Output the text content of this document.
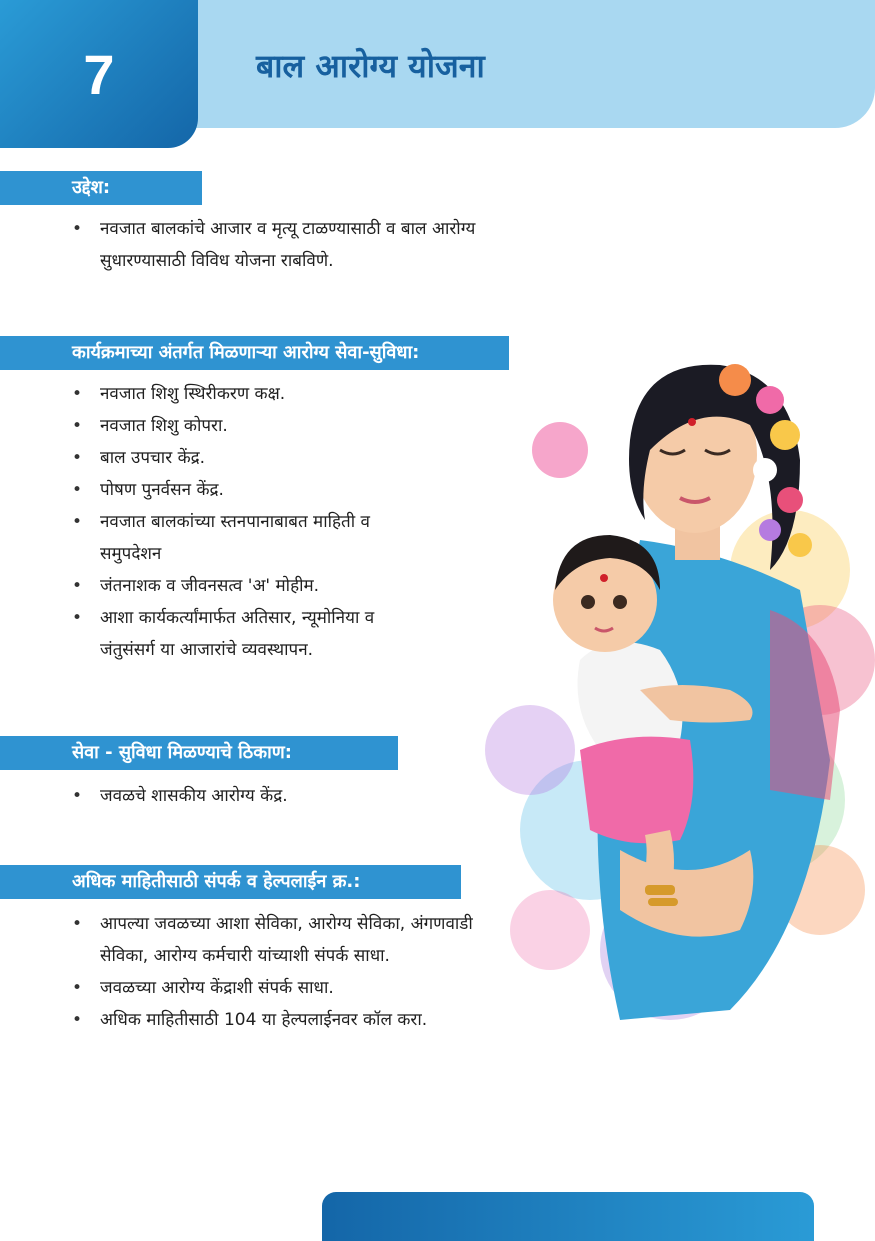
7	बाल आरोग्य योजना
उद्देश:
• नवजात बालकांचे आजार व मृत्यू टाळण्यासाठी व बाल आरोग्य
सुधारण्यासाठी विविध योजना राबविणे.
कार्यक्रमाच्या अंतर्गत मिळणाऱ्या आरोग्य सेवा-सुविधा:
• नवजात शिशु स्थिरीकरण कक्ष.
• नवजात शिशु कोपरा.
• बाल उपचार केंद्र.
• पोषण पुनर्वसन केंद्र.
• नवजात बालकांच्या स्तनपानाबाबत माहिती व
समुपदेशन
• जंतनाशक व जीवनसत्व 'अ' मोहीम.
• आशा कार्यकर्त्यांमार्फत अतिसार, न्यूमोनिया व
जंतुसंसर्ग या आजारांचे व्यवस्थापन.
सेवा - सुविधा मिळण्याचे ठिकाण:
• जवळचे शासकीय आरोग्य केंद्र.
अधिक माहितीसाठी संपर्क व हेल्पलाईन क्र.:
• आपल्या जवळच्या आशा सेविका, आरोग्य सेविका, अंगणवाडी
सेविका, आरोग्य कर्मचारी यांच्याशी संपर्क साधा.
• जवळच्या आरोग्य केंद्राशी संपर्क साधा.
• अधिक माहितीसाठी 104 या हेल्पलाईनवर कॉल करा.
